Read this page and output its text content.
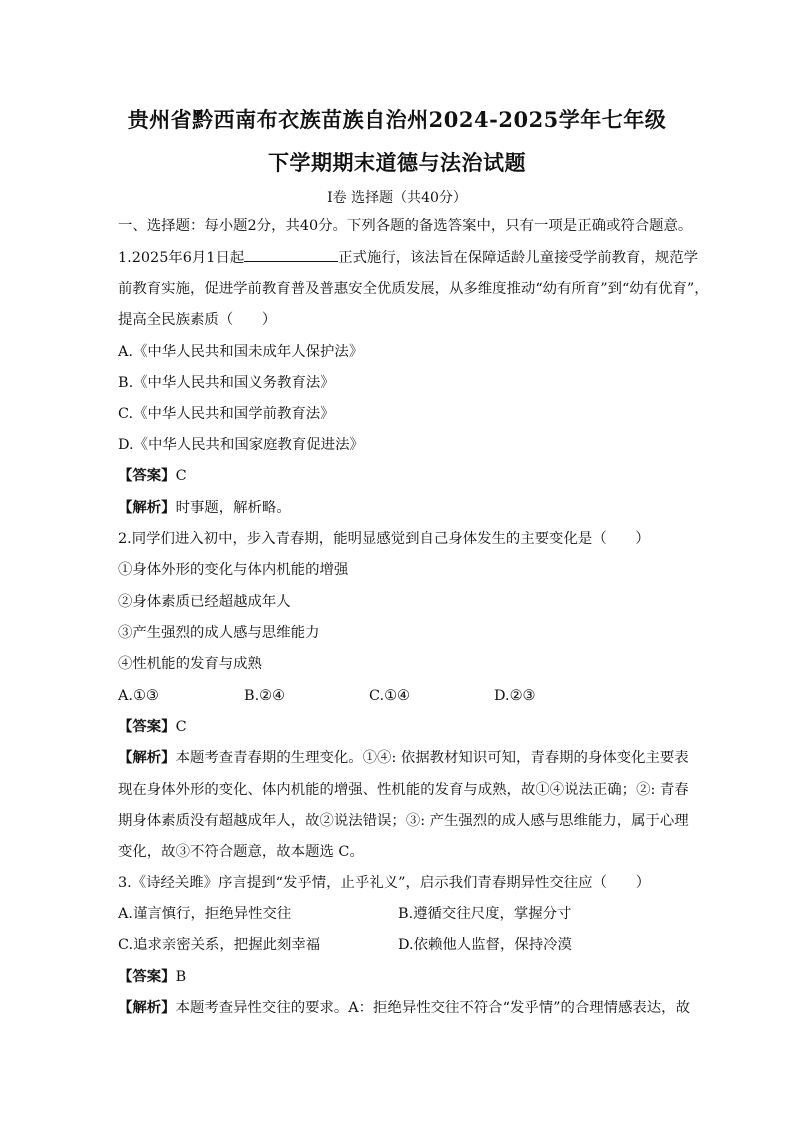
贵州省黔西南布衣族苗族自治州2024-2025学年七年级
下学期期末道德与法治试题
I卷 选择题（共40分）
一、选择题：每小题2分，共40分。下列各题的备选答案中，只有一项是正确或符合题意。
1.2025年6月1日起	正式施行，该法旨在保障适龄儿童接受学前教育，规范学
前教育实施，促进学前教育普及普惠安全优质发展，从多维度推动“幼有所育”到“幼有优育”，
提高全民族素质（　　）
A.《中华人民共和国未成年人保护法》
B.《中华人民共和国义务教育法》
C.《中华人民共和国学前教育法》
D.《中华人民共和国家庭教育促进法》
【答案】C
【解析】时事题，解析略。
2.同学们进入初中，步入青春期，能明显感觉到自己身体发生的主要变化是（　　）
①身体外形的变化与体内机能的增强
②身体素质已经超越成年人
③产生强烈的成人感与思维能力
④性机能的发育与成熟
A.①③	B.②④	C.①④	D.②③
【答案】C
【解析】本题考查青春期的生理变化。①④: 依据教材知识可知，青春期的身体变化主要表
现在身体外形的变化、体内机能的增强、性机能的发育与成熟，故①④说法正确；②: 青春
期身体素质没有超越成年人，故②说法错误；③: 产生强烈的成人感与思维能力，属于心理
变化，故③不符合题意，故本题选 C。
3.《诗经关雎》序言提到“发乎情，止乎礼义”，启示我们青春期异性交往应（　　）
A.谨言慎行，拒绝异性交往	B.遵循交往尺度，掌握分寸
C.追求亲密关系，把握此刻幸福	D.依赖他人监督，保持冷漠
【答案】B
【解析】本题考查异性交往的要求。A：拒绝异性交往不符合“发乎情”的合理情感表达，故
